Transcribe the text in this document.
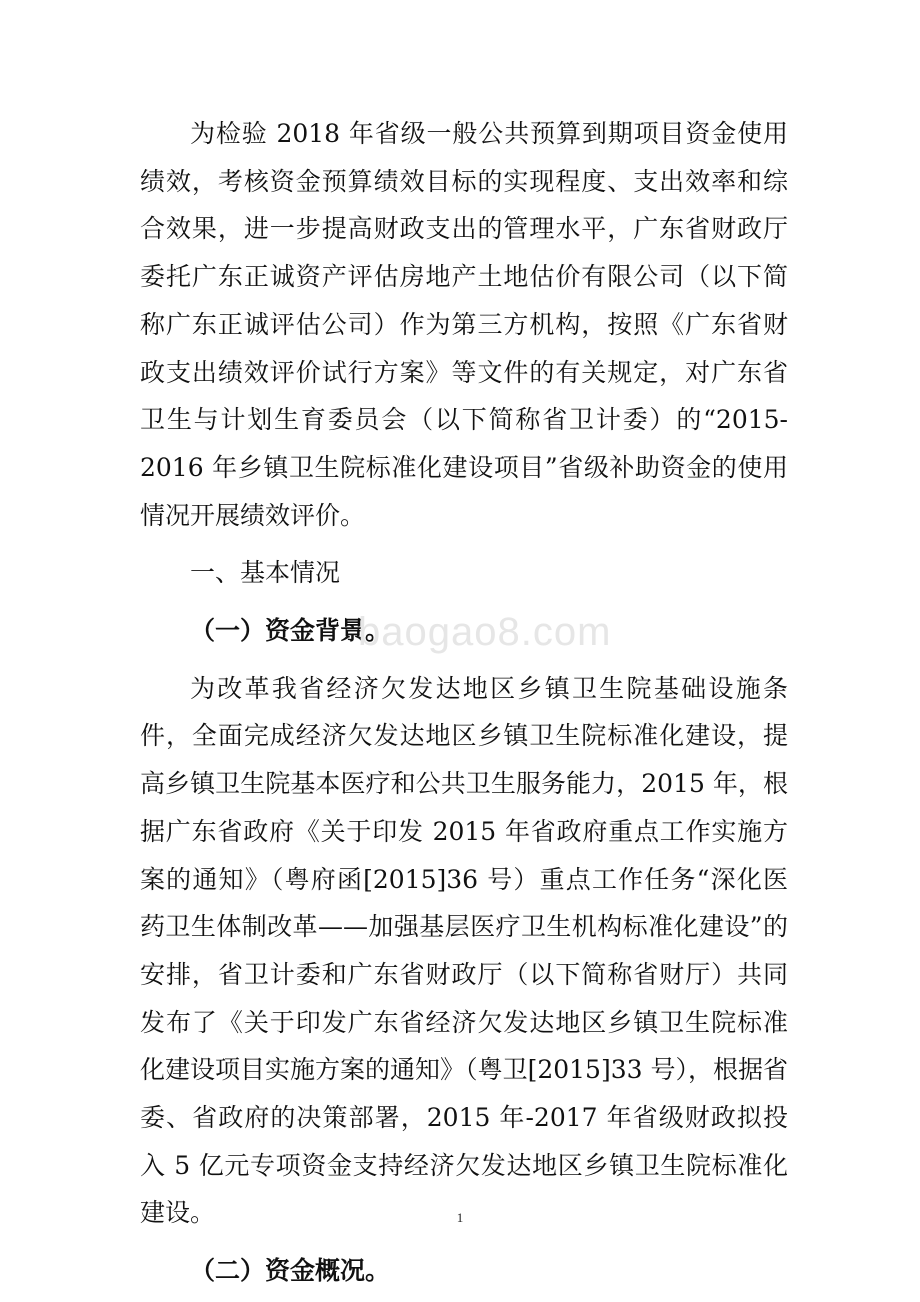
为检验 2018 年省级一般公共预算到期项目资金使用绩效，考核资金预算绩效目标的实现程度、支出效率和综合效果，进一步提高财政支出的管理水平，广东省财政厅委托广东正诚资产评估房地产土地估价有限公司（以下简称广东正诚评估公司）作为第三方机构，按照《广东省财政支出绩效评价试行方案》等文件的有关规定，对广东省卫生与计划生育委员会（以下简称省卫计委）的“2015-2016 年乡镇卫生院标准化建设项目”省级补助资金的使用情况开展绩效评价。

一、基本情况

（一）资金背景。

为改革我省经济欠发达地区乡镇卫生院基础设施条件，全面完成经济欠发达地区乡镇卫生院标准化建设，提高乡镇卫生院基本医疗和公共卫生服务能力，2015 年，根据广东省政府《关于印发 2015 年省政府重点工作实施方案的通知》（粤府函[2015]36 号）重点工作任务“深化医药卫生体制改革——加强基层医疗卫生机构标准化建设”的安排，省卫计委和广东省财政厅（以下简称省财厅）共同发布了《关于印发广东省经济欠发达地区乡镇卫生院标准化建设项目实施方案的通知》（粤卫[2015]33 号），根据省委、省政府的决策部署，2015 年-2017 年省级财政拟投入 5 亿元专项资金支持经济欠发达地区乡镇卫生院标准化建设。

（二）资金概况。

baogao8.com
1
